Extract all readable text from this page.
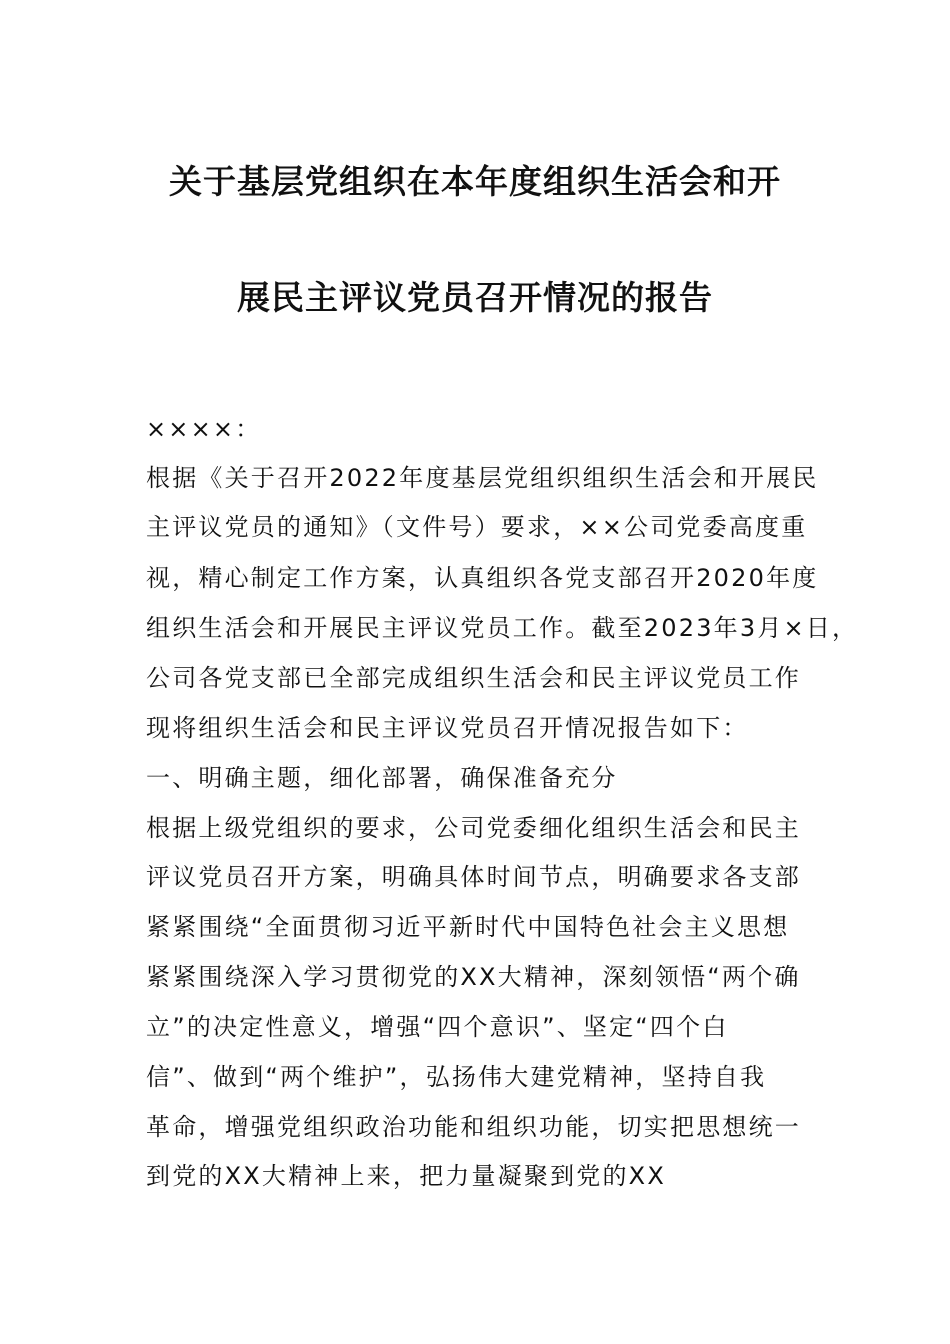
关于基层党组织在本年度组织生活会和开
展民主评议党员召开情况的报告
××××：
根据《关于召开2022年度基层党组织组织生活会和开展民
主评议党员的通知》（文件号）要求，××公司党委高度重
视，精心制定工作方案，认真组织各党支部召开2020年度
组织生活会和开展民主评议党员工作。截至2023年3月×日，
公司各党支部已全部完成组织生活会和民主评议党员工作
现将组织生活会和民主评议党员召开情况报告如下：
一、明确主题，细化部署，确保准备充分
根据上级党组织的要求，公司党委细化组织生活会和民主
评议党员召开方案，明确具体时间节点，明确要求各支部
紧紧围绕“全面贯彻习近平新时代中国特色社会主义思想
紧紧围绕深入学习贯彻党的XX大精神，深刻领悟“两个确
立”的决定性意义，增强“四个意识”、坚定“四个白
信”、做到“两个维护”，弘扬伟大建党精神，坚持自我
革命，增强党组织政治功能和组织功能，切实把思想统一
到党的XX大精神上来，把力量凝聚到党的XX
